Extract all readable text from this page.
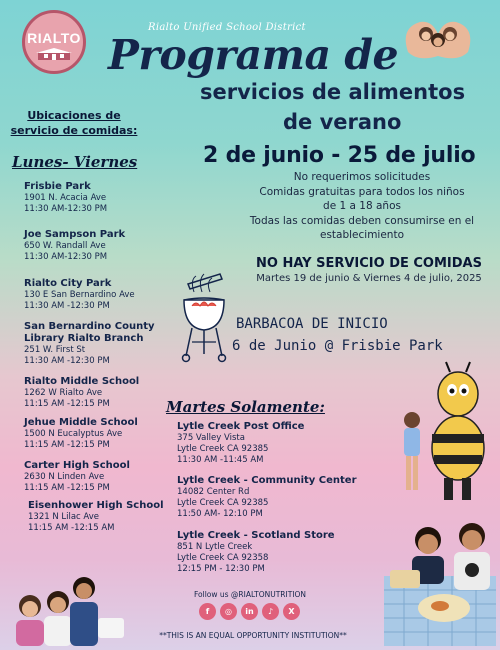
RIALTO
Rialto Unified School District
Programa de
servicios de alimentos
de verano
2 de junio - 25 de julio
No requerimos solicitudes
Comidas gratuitas para todos los niños
de 1 a 18 años
Todas las comidas deben consumirse en el
establecimiento
NO HAY SERVICIO DE COMIDAS
Martes 19 de junio & Viernes 4 de julio, 2025
BARBACOA DE INICIO
6 de Junio @ Frisbie Park
Ubicaciones de servicio de comidas:
Lunes- Viernes
Frisbie Park
1901 N. Acacia Ave
11:30 AM-12:30 PM
Joe Sampson Park
650 W. Randall Ave
11:30 AM-12:30 PM
Rialto City Park
130 E San Bernardino Ave
11:30 AM -12:30 PM
San Bernardino County
Library Rialto Branch
251 W. First St
11:30 AM -12:30 PM
Rialto Middle School
1262 W Rialto Ave
11:15 AM -12:15 PM
Jehue Middle School
1500 N Eucalyptus Ave
11:15 AM -12:15 PM
Carter High School
2630 N Linden Ave
11:15 AM -12:15 PM
Eisenhower High School
1321 N Lilac Ave
11:15 AM -12:15 AM
Martes Solamente:
Lytle Creek Post Office
375 Valley Vista
Lytle Creek CA 92385
11:30 AM -11:45 AM
Lytle Creek - Community Center
14082 Center Rd
Lytle Creek CA 92385
11:50 AM- 12:10 PM
Lytle Creek - Scotland Store
851 N Lytle Creek
Lytle Creek CA 92358
12:15 PM - 12:30 PM
Follow us @RIALTONUTRITION
f	◎	in	♪	X
**THIS IS AN EQUAL OPPORTUNITY INSTITUTION**
